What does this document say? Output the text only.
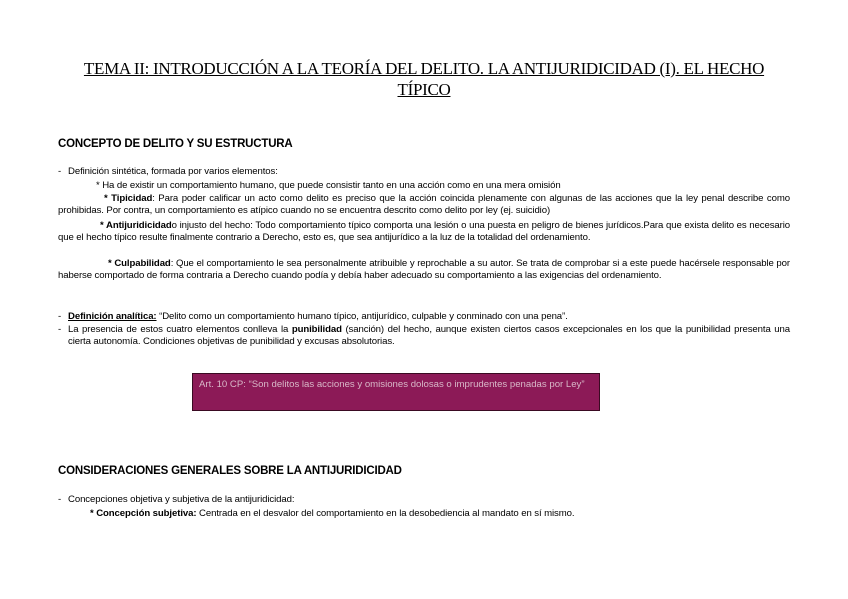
TEMA II: INTRODUCCIÓN A LA TEORÍA DEL DELITO. LA ANTIJURIDICIDAD (I). EL HECHO TÍPICO
CONCEPTO DE DELITO Y SU ESTRUCTURA
- Definición sintética, formada por varios elementos:
* Ha de existir un comportamiento humano, que puede consistir tanto en una acción como en una mera omisión
* Tipicidad: Para poder calificar un acto como delito es preciso que la acción coincida plenamente con algunas de las acciones que la ley penal describe como prohibidas. Por contra, un comportamiento es atípico cuando no se encuentra descrito como delito por ley (ej. suicidio)
* Antijuridicidado injusto del hecho: Todo comportamiento típico comporta una lesión o una puesta en peligro de bienes jurídicos.Para que exista delito es necesario que el hecho típico resulte finalmente contrario a Derecho, esto es, que sea antijurídico a la luz de la totalidad del ordenamiento.
* Culpabilidad: Que el comportamiento le sea personalmente atribuible y reprochable a su autor. Se trata de comprobar si a este puede hacérsele responsable por haberse comportado de forma contraria a Derecho cuando podía y debía haber adecuado su comportamiento a las exigencias del ordenamiento.
- Definición analítica: “Delito como un comportamiento humano típico, antijurídico, culpable y conminado con una pena”.
- La presencia de estos cuatro elementos conlleva la punibilidad (sanción) del hecho, aunque existen ciertos casos excepcionales en los que la punibilidad presenta una cierta autonomía. Condiciones objetivas de punibilidad y excusas absolutorias.
Art. 10 CP: “Son delitos las acciones y omisiones dolosas o imprudentes penadas por Ley”
CONSIDERACIONES GENERALES SOBRE LA ANTIJURIDICIDAD
- Concepciones objetiva y subjetiva de la antijuridicidad:
* Concepción subjetiva: Centrada en el desvalor del comportamiento en la desobediencia al mandato en sí mismo.
